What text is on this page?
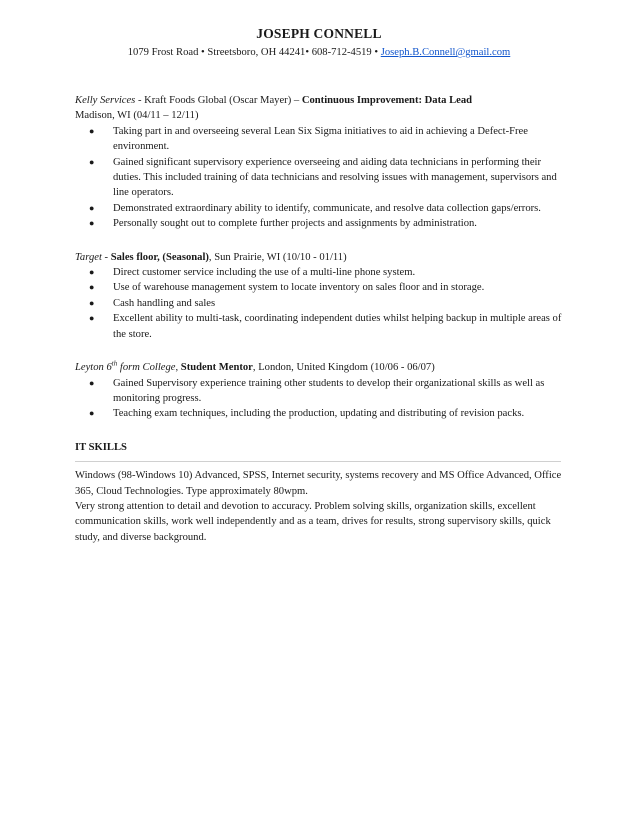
JOSEPH CONNELL
1079 Frost Road • Streetsboro, OH 44241• 608-712-4519 • Joseph.B.Connell@gmail.com
Kelly Services - Kraft Foods Global (Oscar Mayer) – Continuous Improvement: Data Lead
Madison, WI (04/11 – 12/11)
● Taking part in and overseeing several Lean Six Sigma initiatives to aid in achieving a Defect-Free environment.
● Gained significant supervisory experience overseeing and aiding data technicians in performing their duties. This included training of data technicians and resolving issues with management, supervisors and line operators.
● Demonstrated extraordinary ability to identify, communicate, and resolve data collection gaps/errors.
● Personally sought out to complete further projects and assignments by administration.
Target - Sales floor, (Seasonal), Sun Prairie, WI (10/10 - 01/11)
● Direct customer service including the use of a multi-line phone system.
● Use of warehouse management system to locate inventory on sales floor and in storage.
● Cash handling and sales
● Excellent ability to multi-task, coordinating independent duties whilst helping backup in multiple areas of the store.
Leyton 6th form College, Student Mentor, London, United Kingdom (10/06 - 06/07)
● Gained Supervisory experience training other students to develop their organizational skills as well as monitoring progress.
● Teaching exam techniques, including the production, updating and distributing of revision packs.
IT SKILLS
Windows (98-Windows 10) Advanced, SPSS, Internet security, systems recovery and MS Office Advanced, Office 365, Cloud Technologies. Type approximately 80wpm.
Very strong attention to detail and devotion to accuracy. Problem solving skills, organization skills, excellent communication skills, work well independently and as a team, drives for results, strong supervisory skills, quick study, and diverse background.
